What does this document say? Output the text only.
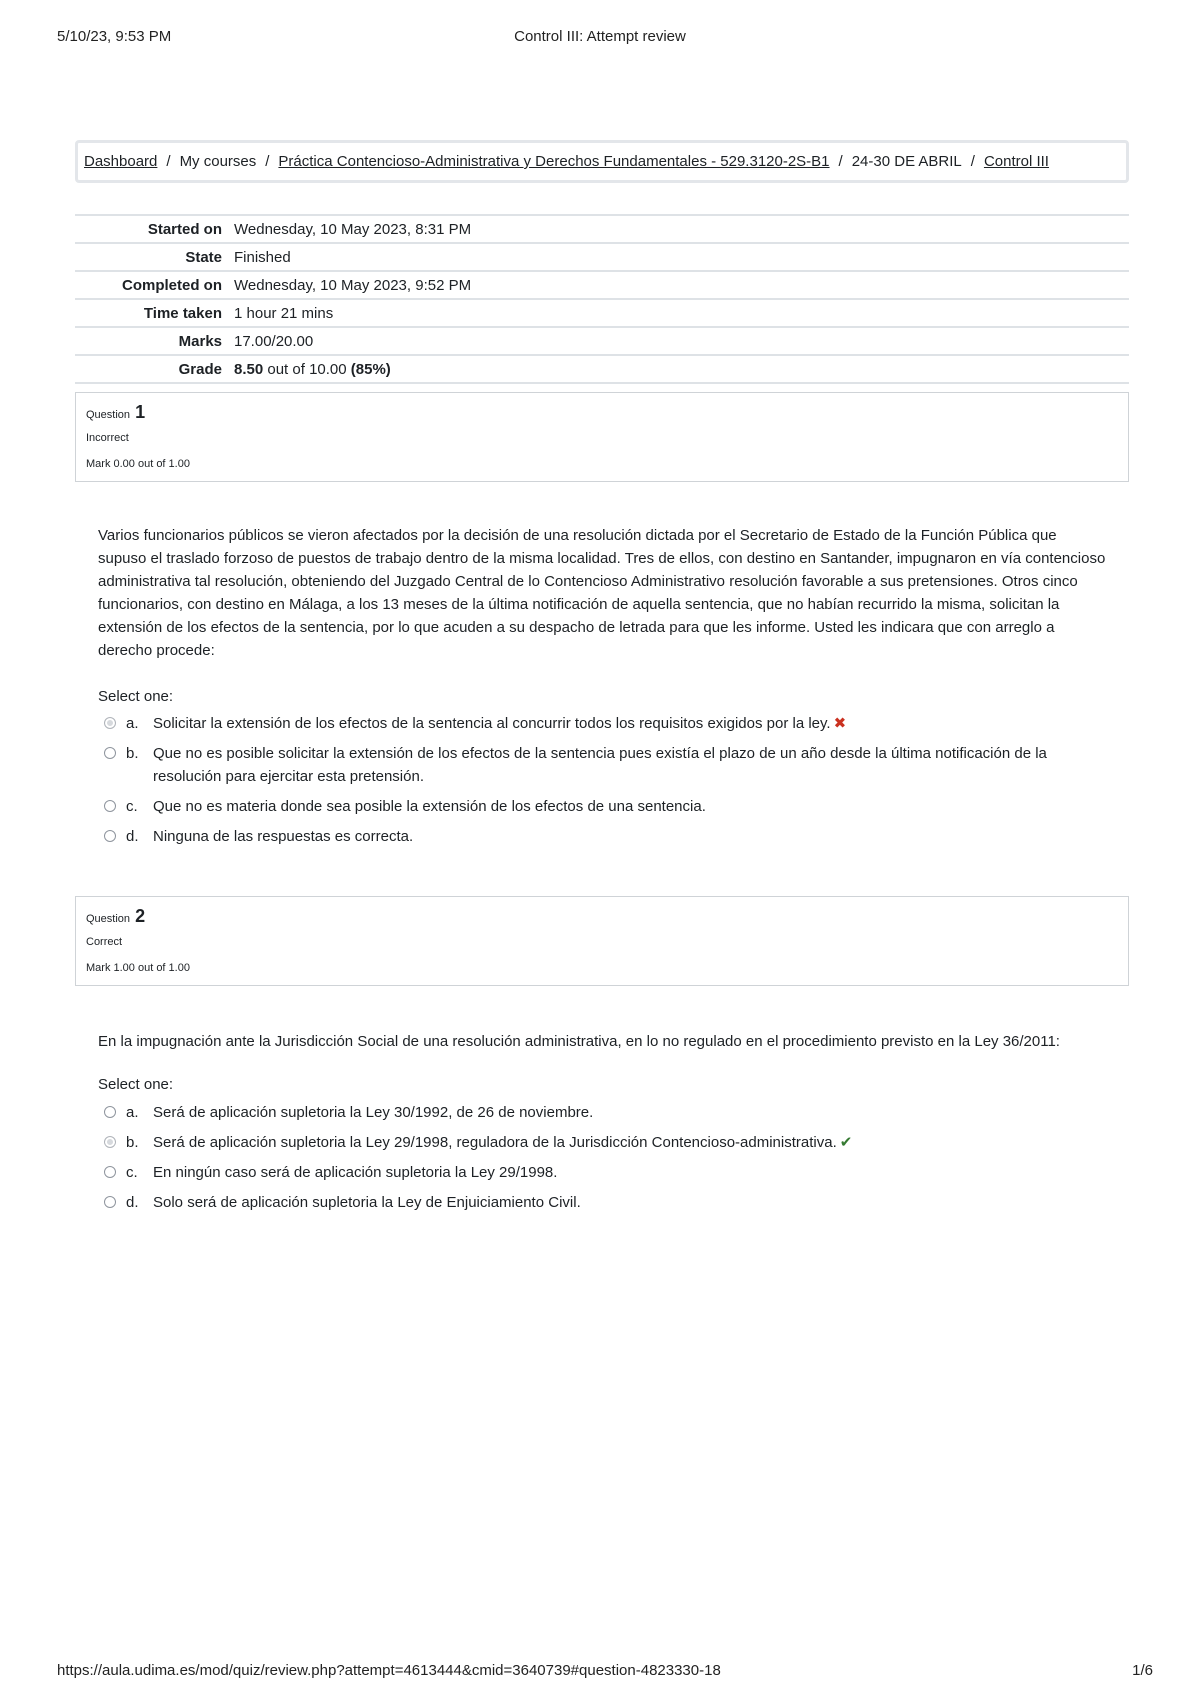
5/10/23, 9:53 PM	Control III: Attempt review
Dashboard / My courses / Práctica Contencioso-Administrativa y Derechos Fundamentales - 529.3120-2S-B1 / 24-30 DE ABRIL / Control III
Started on	Wednesday, 10 May 2023, 8:31 PM
State	Finished
Completed on	Wednesday, 10 May 2023, 9:52 PM
Time taken	1 hour 21 mins
Marks	17.00/20.00
Grade	8.50 out of 10.00 (85%)
Question 1
Incorrect
Mark 0.00 out of 1.00
Varios funcionarios públicos se vieron afectados por la decisión de una resolución dictada por el Secretario de Estado de la Función Pública que supuso el traslado forzoso de puestos de trabajo dentro de la misma localidad. Tres de ellos, con destino en Santander, impugnaron en vía contencioso administrativa tal resolución, obteniendo del Juzgado Central de lo Contencioso Administrativo resolución favorable a sus pretensiones. Otros cinco funcionarios, con destino en Málaga, a los 13 meses de la última notificación de aquella sentencia, que no habían recurrido la misma, solicitan la extensión de los efectos de la sentencia, por lo que acuden a su despacho de letrada para que les informe. Usted les indicara que con arreglo a derecho procede:
Select one:
a. Solicitar la extensión de los efectos de la sentencia al concurrir todos los requisitos exigidos por la ley. ✖
b. Que no es posible solicitar la extensión de los efectos de la sentencia pues existía el plazo de un año desde la última notificación de la resolución para ejercitar esta pretensión.
c.	Que no es materia donde sea posible la extensión de los efectos de una sentencia.
d. Ninguna de las respuestas es correcta.
Question 2
Correct
Mark 1.00 out of 1.00
En la impugnación ante la Jurisdicción Social de una resolución administrativa, en lo no regulado en el procedimiento previsto en la Ley 36/2011:
Select one:
a. Será de aplicación supletoria la Ley 30/1992, de 26 de noviembre.
b. Será de aplicación supletoria la Ley 29/1998, reguladora de la Jurisdicción Contencioso-administrativa. ✔
c.	En ningún caso será de aplicación supletoria la Ley 29/1998.
d. Solo será de aplicación supletoria la Ley de Enjuiciamiento Civil.
https://aula.udima.es/mod/quiz/review.php?attempt=4613444&cmid=3640739#question-4823330-18	1/6
